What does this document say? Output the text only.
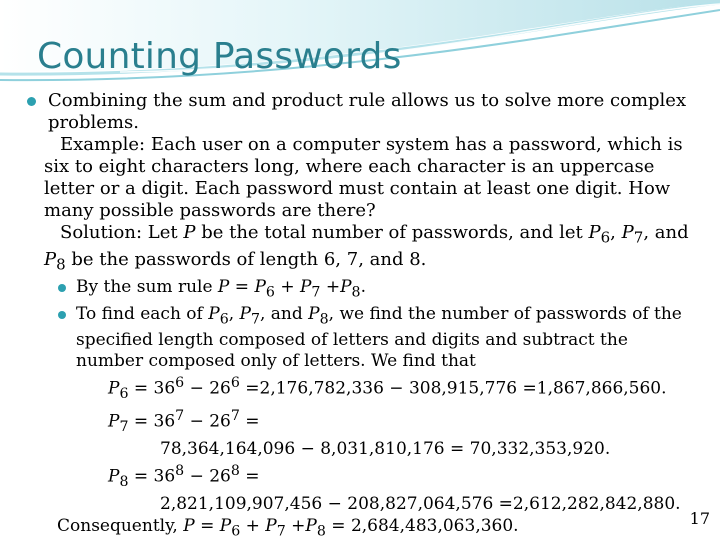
Counting Passwords

Combining the sum and product rule allows us to solve more complex problems.

Example: Each user on a computer system has a password, which is six to eight characters long, where each character is an uppercase letter or a digit. Each password must contain at least one digit. How many possible passwords are there?

Solution: Let P be the total number of passwords, and let $P_6$, $P_7$, and $P_8$ be the passwords of length 6, 7, and 8.

By the sum rule $P = P_6 + P_7 +P_8$.

To find each of $P_6$, $P_7$, and $P_8$, we find the number of passwords of the specified length composed of letters and digits and subtract the number composed only of letters. We find that

$P_6 = 36^6 - 26^6 =2,176,782,336 - 308,915,776 =1,867,866,560$.

$P_7 = 36^7 - 26^7$ =

78,364,164,096 − 8,031,810,176 = 70,332,353,920.

$P_8 = 36^8 - 26^8$ =

2,821,109,907,456 − 208,827,064,576 =2,612,282,842,880.

Consequently, $P = P_6 + P_7 +P_8 = 2,684,483,063,360$.	17
